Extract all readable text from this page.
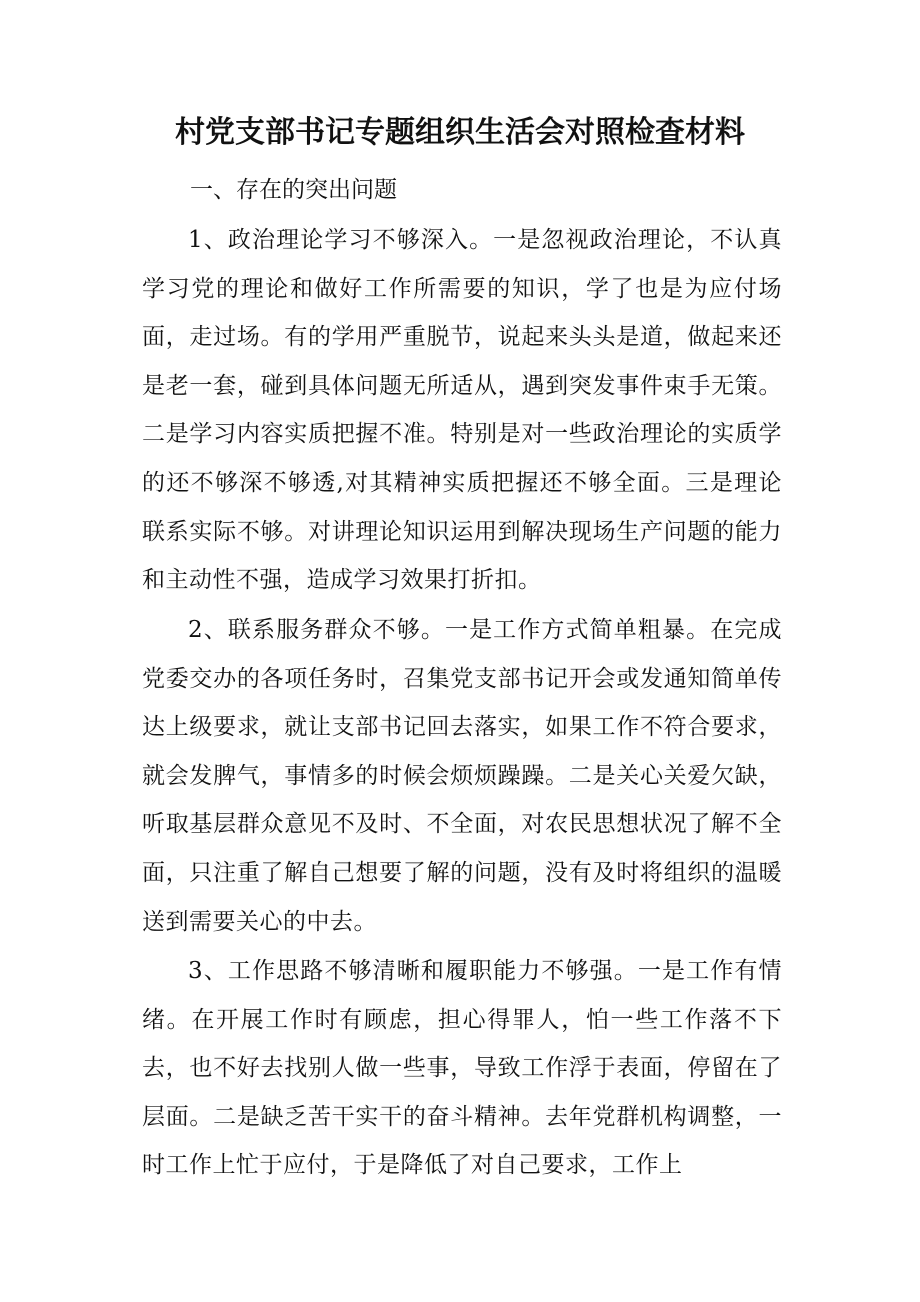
村党支部书记专题组织生活会对照检查材料

一、存在的突出问题

1、政治理论学习不够深入。一是忽视政治理论，不认真学习党的理论和做好工作所需要的知识，学了也是为应付场面，走过场。有的学用严重脱节，说起来头头是道，做起来还是老一套，碰到具体问题无所适从，遇到突发事件束手无策。二是学习内容实质把握不准。特别是对一些政治理论的实质学的还不够深不够透,对其精神实质把握还不够全面。三是理论联系实际不够。对讲理论知识运用到解决现场生产问题的能力和主动性不强，造成学习效果打折扣。

2、联系服务群众不够。一是工作方式简单粗暴。在完成党委交办的各项任务时，召集党支部书记开会或发通知简单传达上级要求，就让支部书记回去落实，如果工作不符合要求，就会发脾气，事情多的时候会烦烦躁躁。二是关心关爱欠缺，听取基层群众意见不及时、不全面，对农民思想状况了解不全面，只注重了解自己想要了解的问题，没有及时将组织的温暖送到需要关心的中去。

3、工作思路不够清晰和履职能力不够强。一是工作有情绪。在开展工作时有顾虑，担心得罪人，怕一些工作落不下去，也不好去找别人做一些事，导致工作浮于表面，停留在了层面。二是缺乏苦干实干的奋斗精神。去年党群机构调整，一时工作上忙于应付，于是降低了对自己要求，工作上
